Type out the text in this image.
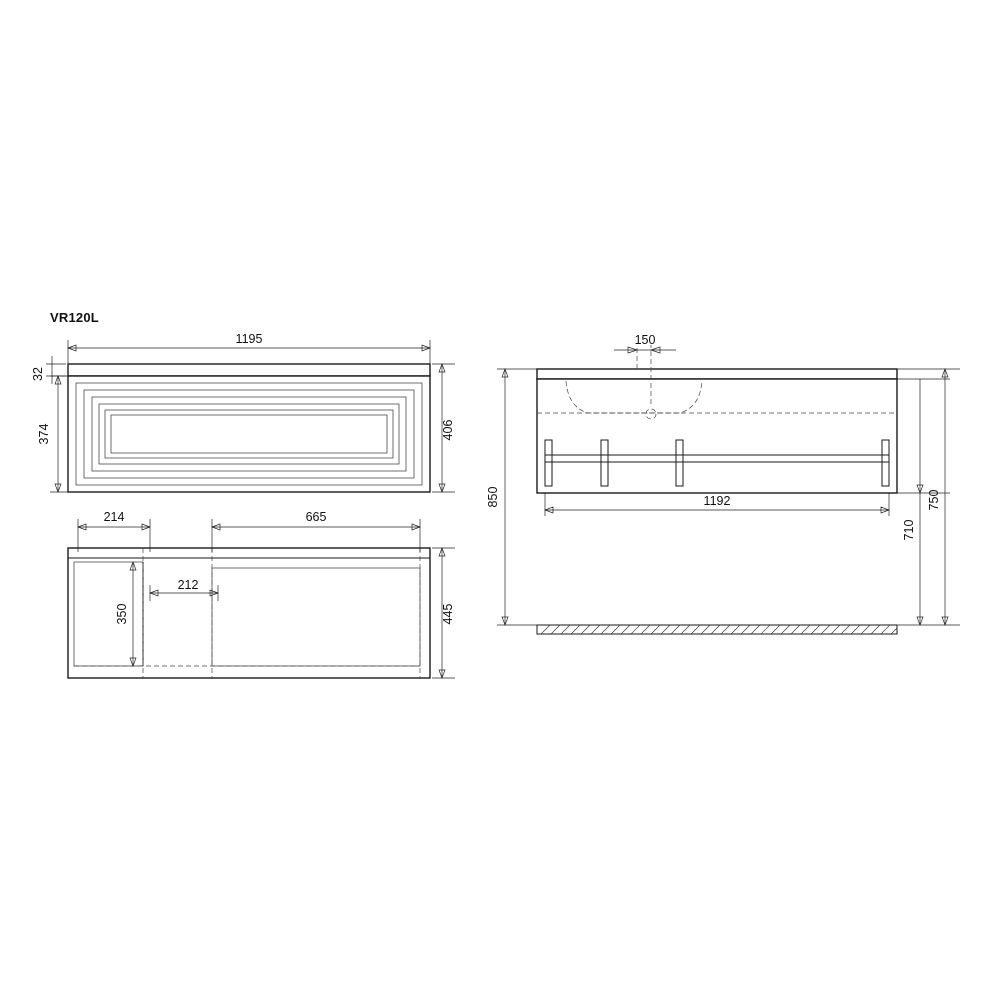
VR120L
1195
32
374	406
214	665
212
350	445
150
1192
850
710
750
